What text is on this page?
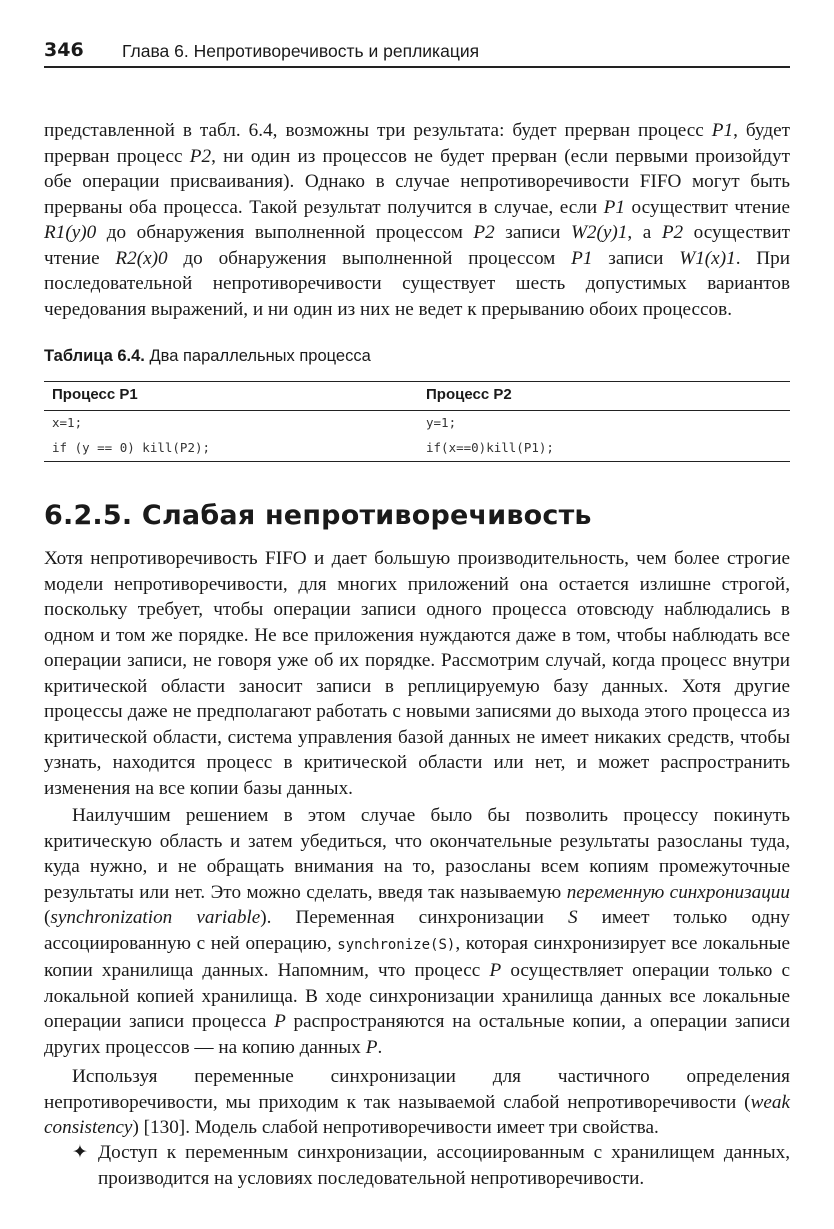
346 Глава 6. Непротиворечивость и репликация
представленной в табл. 6.4, возможны три результата: будет прерван процесс P1, будет прерван процесс P2, ни один из процессов не будет прерван (если первыми произойдут обе операции присваивания). Однако в случае непротиворечивости FIFO могут быть прерваны оба процесса. Такой результат получится в случае, если P1 осуществит чтение R1(y)0 до обнаружения выполненной процессом P2 записи W2(y)1, а P2 осуществит чтение R2(x)0 до обнаружения выполненной процессом P1 записи W1(x)1. При последовательной непротиворечивости существует шесть допустимых вариантов чередования выражений, и ни один из них не ведет к прерыванию обоих процессов.
Таблица 6.4. Два параллельных процесса
Процесс P1	Процесс P2
x=1;	y=1;
if (y == 0) kill(P2);	if(x==0)kill(P1);
6.2.5. Слабая непротиворечивость
Хотя непротиворечивость FIFO и дает большую производительность, чем более строгие модели непротиворечивости, для многих приложений она остается излишне строгой, поскольку требует, чтобы операции записи одного процесса отовсюду наблюдались в одном и том же порядке. Не все приложения нуждаются даже в том, чтобы наблюдать все операции записи, не говоря уже об их порядке. Рассмотрим случай, когда процесс внутри критической области заносит записи в реплицируемую базу данных. Хотя другие процессы даже не предполагают работать с новыми записями до выхода этого процесса из критической области, система управления базой данных не имеет никаких средств, чтобы узнать, находится процесс в критической области или нет, и может распространить изменения на все копии базы данных.
Наилучшим решением в этом случае было бы позволить процессу покинуть критическую область и затем убедиться, что окончательные результаты разосланы туда, куда нужно, и не обращать внимания на то, разосланы всем копиям промежуточные результаты или нет. Это можно сделать, введя так называемую переменную синхронизации (synchronization variable). Переменная синхронизации S имеет только одну ассоциированную с ней операцию, synchronize(S), которая синхронизирует все локальные копии хранилища данных. Напомним, что процесс P осуществляет операции только с локальной копией хранилища. В ходе синхронизации хранилища данных все локальные операции записи процесса P распространяются на остальные копии, а операции записи других процессов — на копию данных P.
Используя переменные синхронизации для частичного определения непротиворечивости, мы приходим к так называемой слабой непротиворечивости (weak consistency) [130]. Модель слабой непротиворечивости имеет три свойства.
✦ Доступ к переменным синхронизации, ассоциированным с хранилищем данных, производится на условиях последовательной непротиворечивости.
